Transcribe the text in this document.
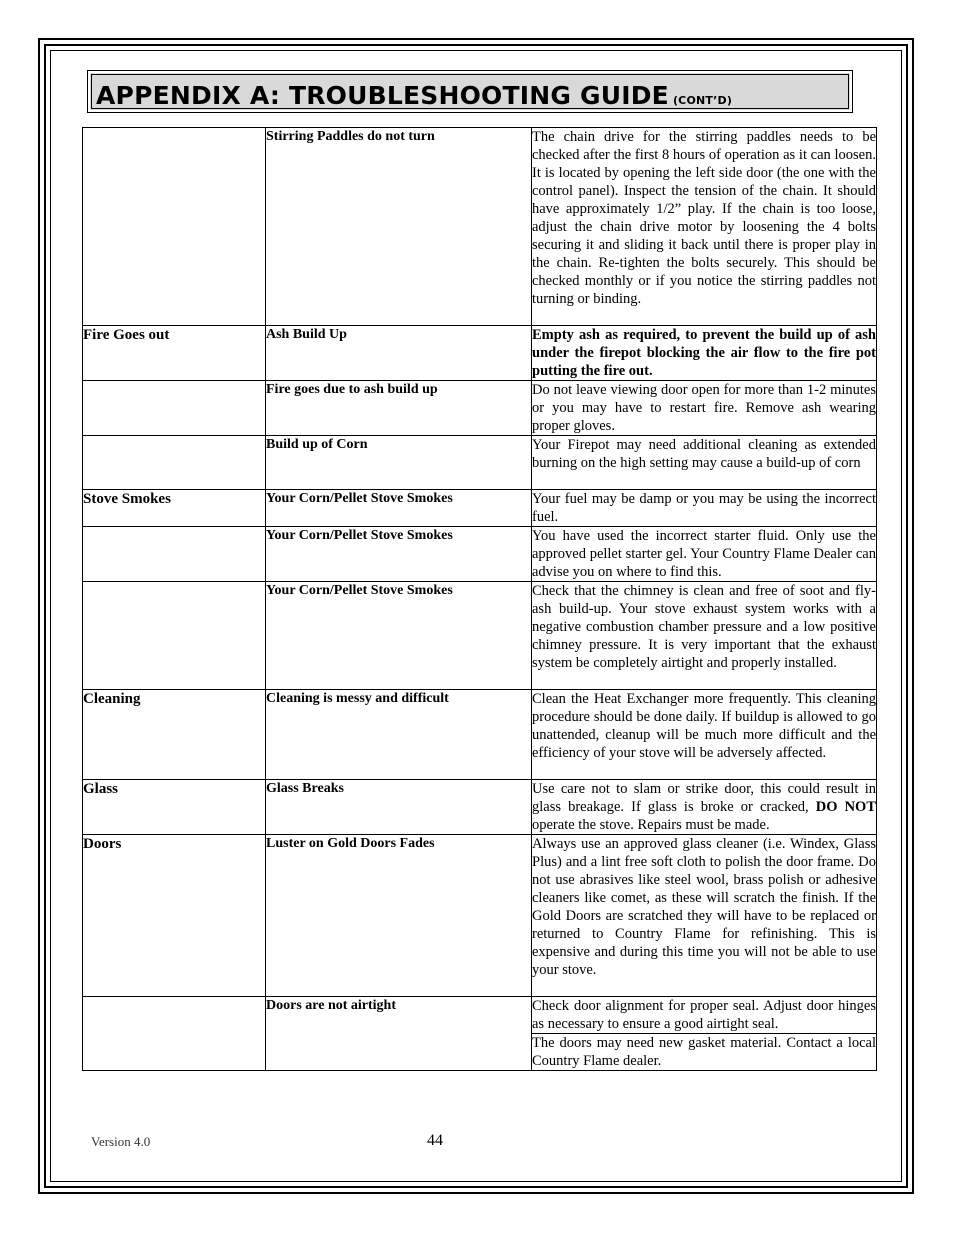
APPENDIX A: TROUBLESHOOTING GUIDE (CONT’D)

	Stirring Paddles do not turn	The chain drive for the stirring paddles needs to be checked after the first 8 hours of operation as it can loosen. It is located by opening the left side door (the one with the control panel). Inspect the tension of the chain. It should have approximately 1/2” play. If the chain is too loose, adjust the chain drive motor by loosening the 4 bolts securing it and sliding it back until there is proper play in the chain. Re-tighten the bolts securely. This should be checked monthly or if you notice the stirring paddles not turning or binding.

Fire Goes out	Ash Build Up	Empty ash as required, to prevent the build up of ash under the firepot blocking the air flow to the fire pot putting the fire out.

	Fire goes due to ash build up	Do not leave viewing door open for more than 1-2 minutes or you may have to restart fire. Remove ash wearing proper gloves.

	Build up of Corn	Your Firepot may need additional cleaning as extended burning on the high setting may cause a build-up of corn

Stove Smokes	Your Corn/Pellet Stove Smokes	Your fuel may be damp or you may be using the incorrect fuel.

	Your Corn/Pellet Stove Smokes	You have used the incorrect starter fluid. Only use the approved pellet starter gel. Your Country Flame Dealer can advise you on where to find this.

	Your Corn/Pellet Stove Smokes	Check that the chimney is clean and free of soot and fly-ash build-up. Your stove exhaust system works with a negative combustion chamber pressure and a low positive chimney pressure. It is very important that the exhaust system be completely airtight and properly installed.

Cleaning	Cleaning is messy and difficult	Clean the Heat Exchanger more frequently. This cleaning procedure should be done daily. If buildup is allowed to go unattended, cleanup will be much more difficult and the efficiency of your stove will be adversely affected.

Glass	Glass Breaks	Use care not to slam or strike door, this could result in glass breakage. If glass is broke or cracked, DO NOT operate the stove. Repairs must be made.

Doors	Luster on Gold Doors Fades	Always use an approved glass cleaner (i.e. Windex, Glass Plus) and a lint free soft cloth to polish the door frame. Do not use abrasives like steel wool, brass polish or adhesive cleaners like comet, as these will scratch the finish. If the Gold Doors are scratched they will have to be replaced or returned to Country Flame for refinishing. This is expensive and during this time you will not be able to use your stove.

	Doors are not airtight	Check door alignment for proper seal. Adjust door hinges as necessary to ensure a good airtight seal.

		The doors may need new gasket material. Contact a local Country Flame dealer.
Version 4.0	44
